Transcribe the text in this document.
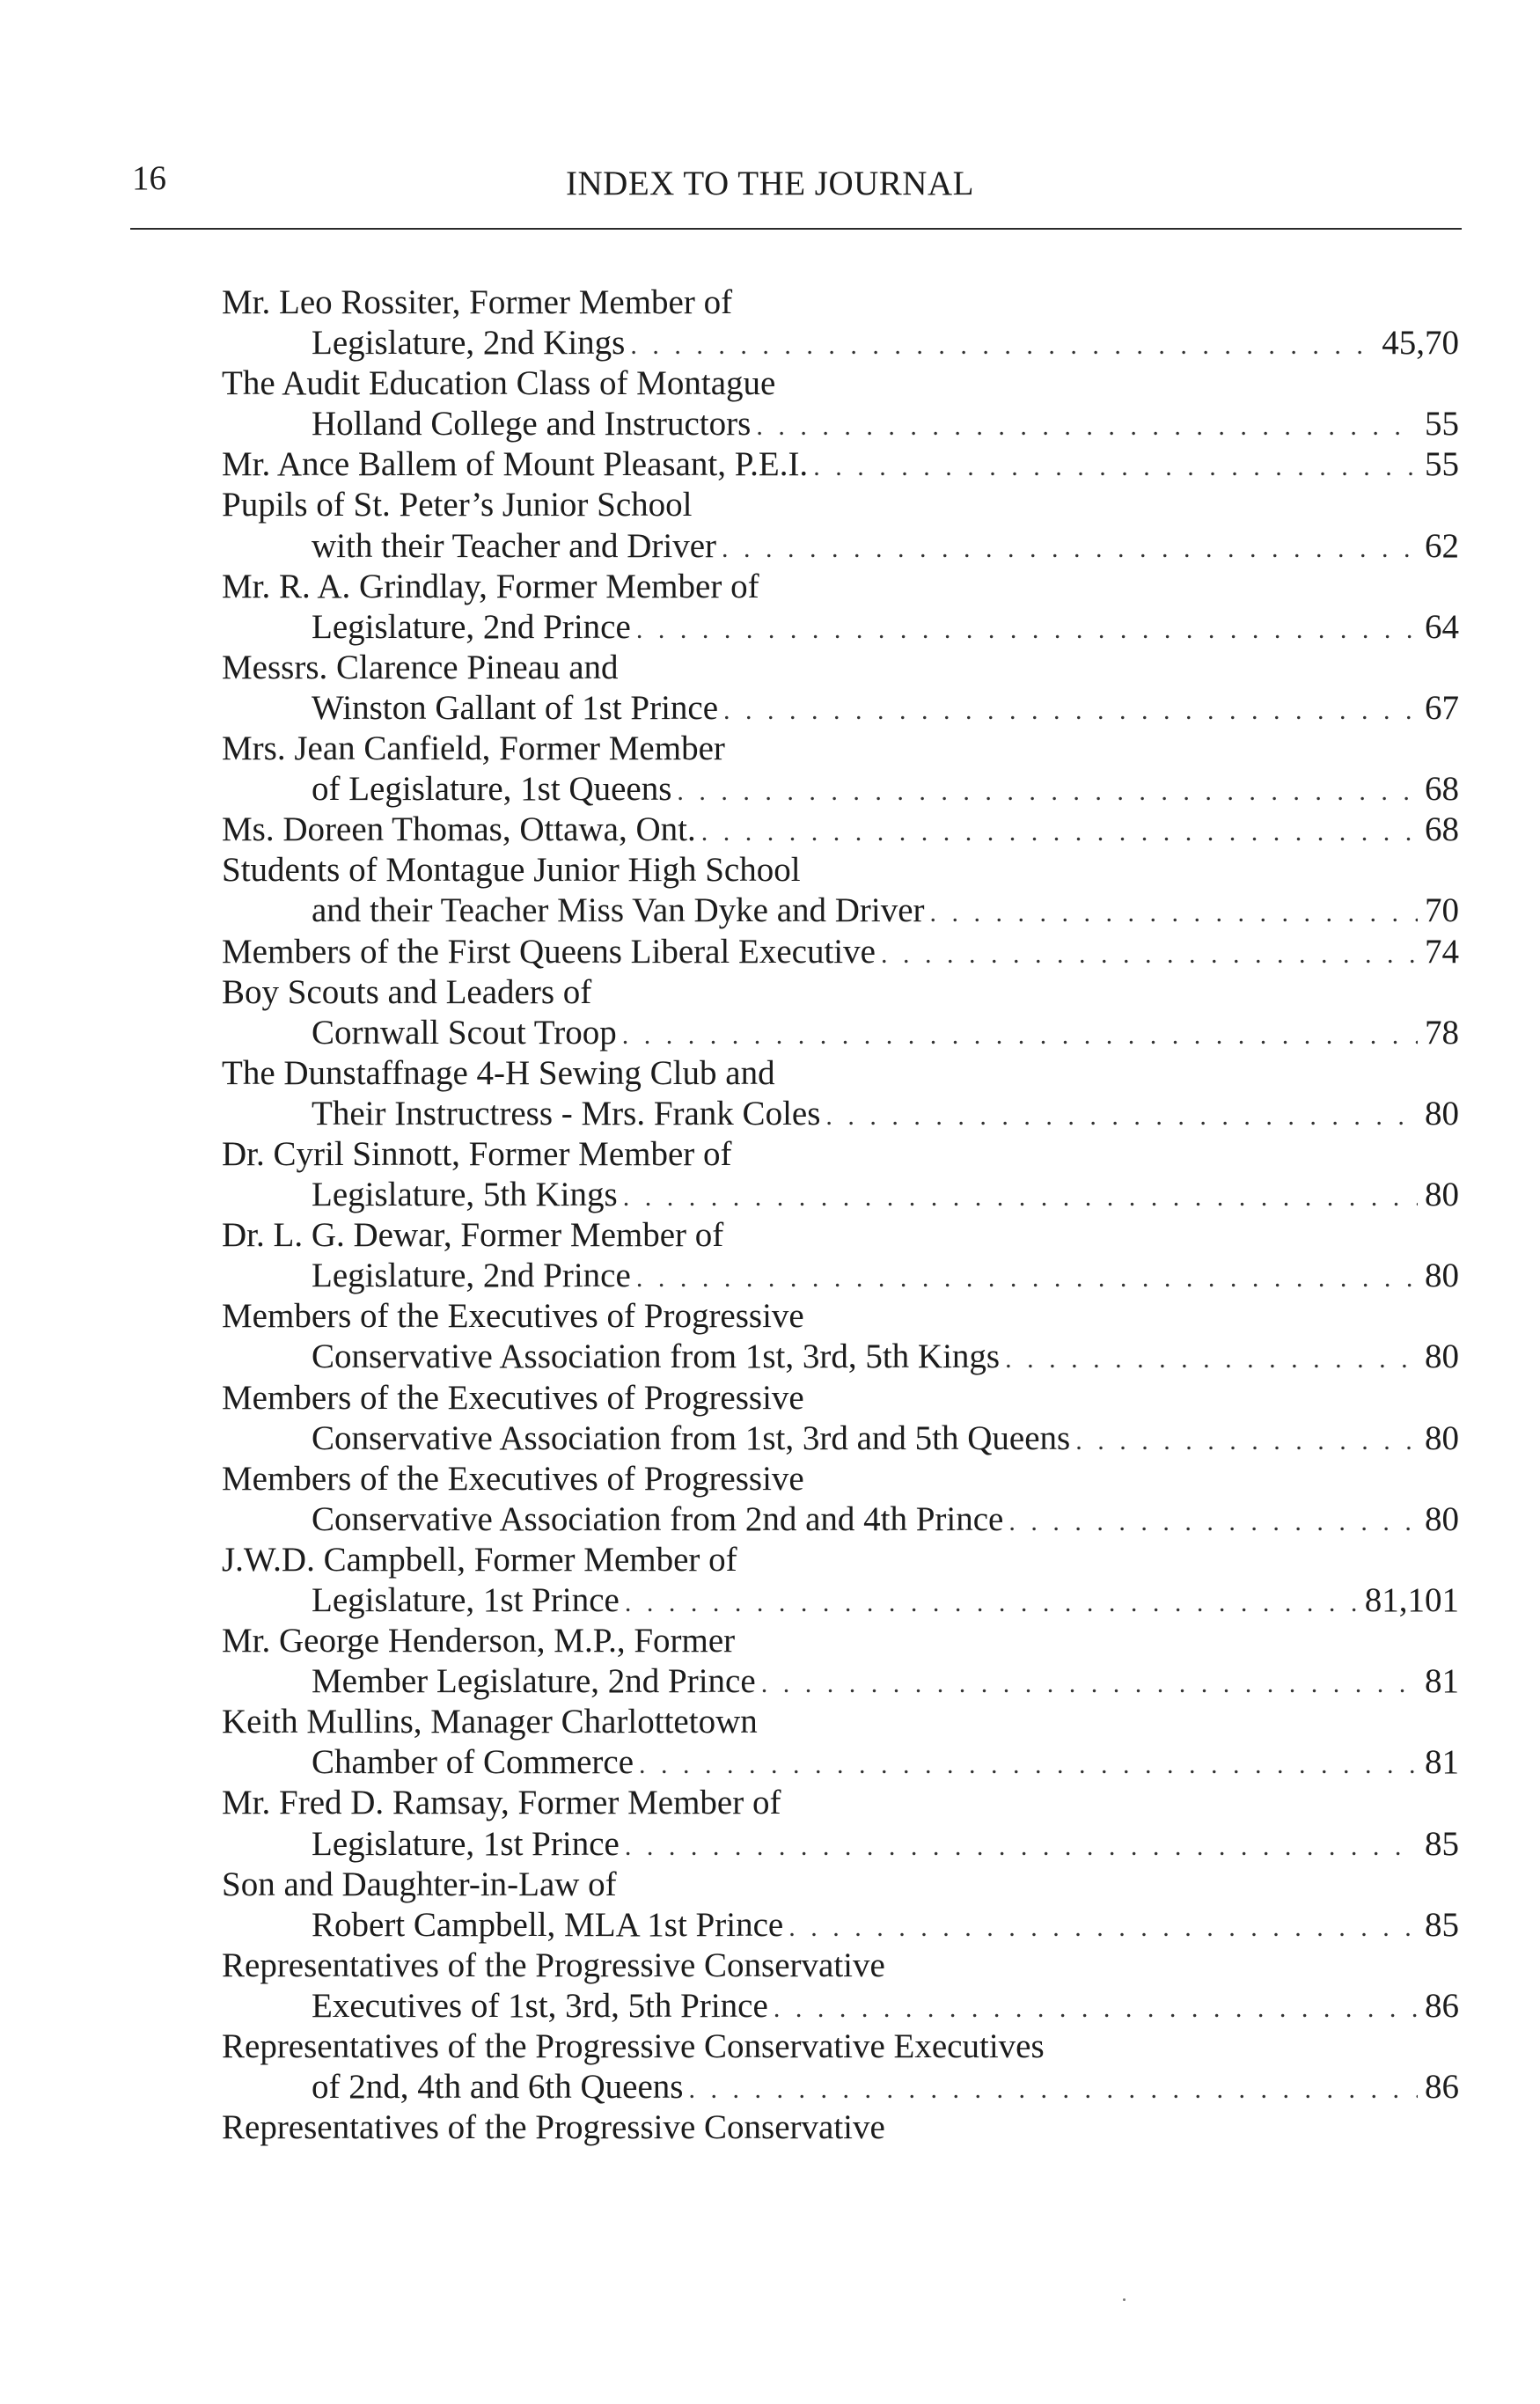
16	INDEX TO THE JOURNAL
Mr. Leo Rossiter, Former Member of
Legislature, 2nd Kings . . .	45,70
The Audit Education Class of Montague
Holland College and Instructors . . .	55
Mr. Ance Ballem of Mount Pleasant, P.E.I. . . .	55
Pupils of St. Peter’s Junior School
with their Teacher and Driver . . .	62
Mr. R. A. Grindlay, Former Member of
Legislature, 2nd Prince . . .	64
Messrs. Clarence Pineau and
Winston Gallant of 1st Prince . . .	67
Mrs. Jean Canfield, Former Member
of Legislature, 1st Queens . . .	68
Ms. Doreen Thomas, Ottawa, Ont. . . .	68
Students of Montague Junior High School
and their Teacher Miss Van Dyke and Driver . . .	70
Members of the First Queens Liberal Executive . . .	74
Boy Scouts and Leaders of
Cornwall Scout Troop . . .	78
The Dunstaffnage 4-H Sewing Club and
Their Instructress - Mrs. Frank Coles . . .	80
Dr. Cyril Sinnott, Former Member of
Legislature, 5th Kings . . .	80
Dr. L. G. Dewar, Former Member of
Legislature, 2nd Prince . . .	80
Members of the Executives of Progressive
Conservative Association from 1st, 3rd, 5th Kings . . .	80
Members of the Executives of Progressive
Conservative Association from 1st, 3rd and 5th Queens . . .	80
Members of the Executives of Progressive
Conservative Association from 2nd and 4th Prince . . .	80
J.W.D. Campbell, Former Member of
Legislature, 1st Prince . . .	81,101
Mr. George Henderson, M.P., Former
Member Legislature, 2nd Prince . . .	81
Keith Mullins, Manager Charlottetown
Chamber of Commerce . . .	81
Mr. Fred D. Ramsay, Former Member of
Legislature, 1st Prince . . .	85
Son and Daughter-in-Law of
Robert Campbell, MLA 1st Prince . . .	85
Representatives of the Progressive Conservative
Executives of 1st, 3rd, 5th Prince . . .	86
Representatives of the Progressive Conservative Executives
of 2nd, 4th and 6th Queens . . .	86
Representatives of the Progressive Conservative
